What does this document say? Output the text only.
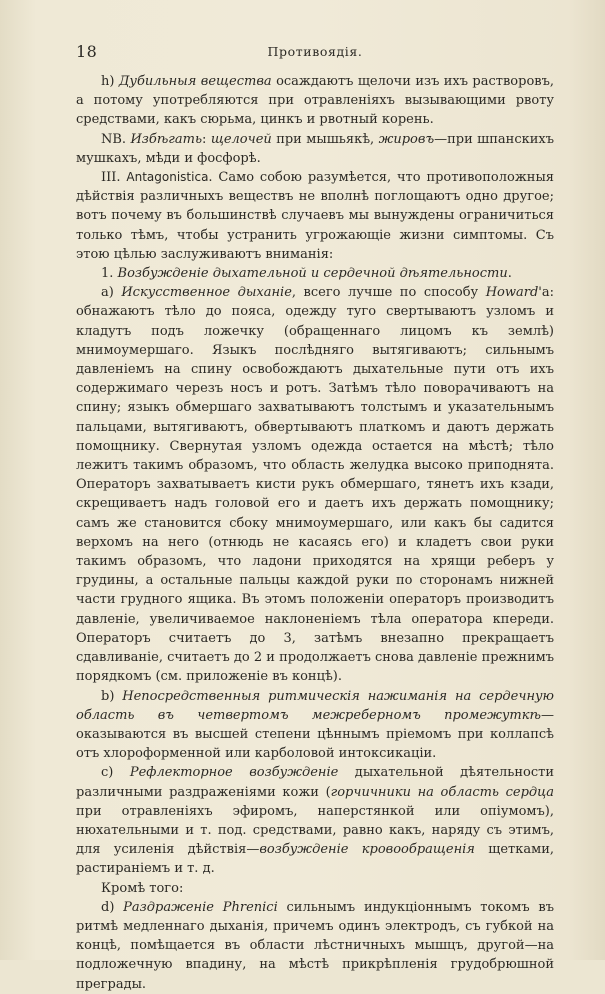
18	Противоядія.

h) Дубильныя вещества осаждаютъ щелочи изъ ихъ растворовъ, а потому употребляются при отравленіяхъ вызывающими рвоту средствами, какъ сюрьма, цинкъ и рвотный корень.

NB. Избѣгать: щелочей при мышьякѣ, жировъ—при шпанскихъ мушкахъ, мѣди и фосфорѣ.

III. Antagonistica. Само собою разумѣется, что противоположныя дѣйствія различныхъ веществъ не вполнѣ поглощаютъ одно другое; вотъ почему въ большинствѣ случаевъ мы вынуждены ограничиться только тѣмъ, чтобы устранить угрожающіе жизни симптомы. Съ этою цѣлью заслуживаютъ вниманія:

1. Возбужденіе дыхательной и сердечной дѣятельности.

a) Искусственное дыханіе, всего лучше по способу Howard'а: обнажаютъ тѣло до пояса, одежду туго свертываютъ узломъ и кладутъ подъ ложечку (обращеннаго лицомъ къ землѣ) мнимоумершаго. Языкъ послѣдняго вытягиваютъ; сильнымъ давленіемъ на спину освобождаютъ дыхательные пути отъ ихъ содержимаго черезъ носъ и ротъ. Затѣмъ тѣло поворачиваютъ на спину; языкъ обмершаго захватываютъ толстымъ и указательнымъ пальцами, вытягиваютъ, обвертываютъ платкомъ и даютъ держать помощнику. Свернутая узломъ одежда остается на мѣстѣ; тѣло лежитъ такимъ образомъ, что область желудка высоко приподнята. Операторъ захватываетъ кисти рукъ обмершаго, тянетъ ихъ кзади, скрещиваетъ надъ головой его и даетъ ихъ держать помощнику; самъ же становится сбоку мнимоумершаго, или какъ бы садится верхомъ на него (отнюдь не касаясь его) и кладетъ свои руки такимъ образомъ, что ладони приходятся на хрящи реберъ у грудины, а остальные пальцы каждой руки по сторонамъ нижней части грудного ящика. Въ этомъ положеніи операторъ производитъ давленіе, увеличиваемое наклоненіемъ тѣла оператора кпереди. Операторъ считаетъ до 3, затѣмъ внезапно прекращаетъ сдавливаніе, считаетъ до 2 и продолжаетъ снова давленіе прежнимъ порядкомъ (см. приложеніе въ концѣ).

b) Непосредственныя ритмическія нажиманія на сердечную область въ четвертомъ межреберномъ промежуткѣ—оказываются въ высшей степени цѣннымъ пріемомъ при коллапсѣ отъ хлороформенной или карболовой интоксикаціи.

c) Рефлекторное возбужденіе дыхательной дѣятельности различными раздраженіями кожи (горчичники на область сердца при отравленіяхъ эфиромъ, наперстянкой или опіумомъ), нюхательными и т. под. средствами, равно какъ, наряду съ этимъ, для усиленія дѣйствія—возбужденіе кровообращенія щетками, растираніемъ и т. д.

Кромѣ того:

d) Раздраженіе Phrenici сильнымъ индукціоннымъ токомъ въ ритмѣ медленнаго дыханія, причемъ одинъ электродъ, съ губкой на концѣ, помѣщается въ области лѣстничныхъ мышцъ, другой—на подложечную впадину, на мѣстѣ прикрѣпленія грудобрюшной преграды.
